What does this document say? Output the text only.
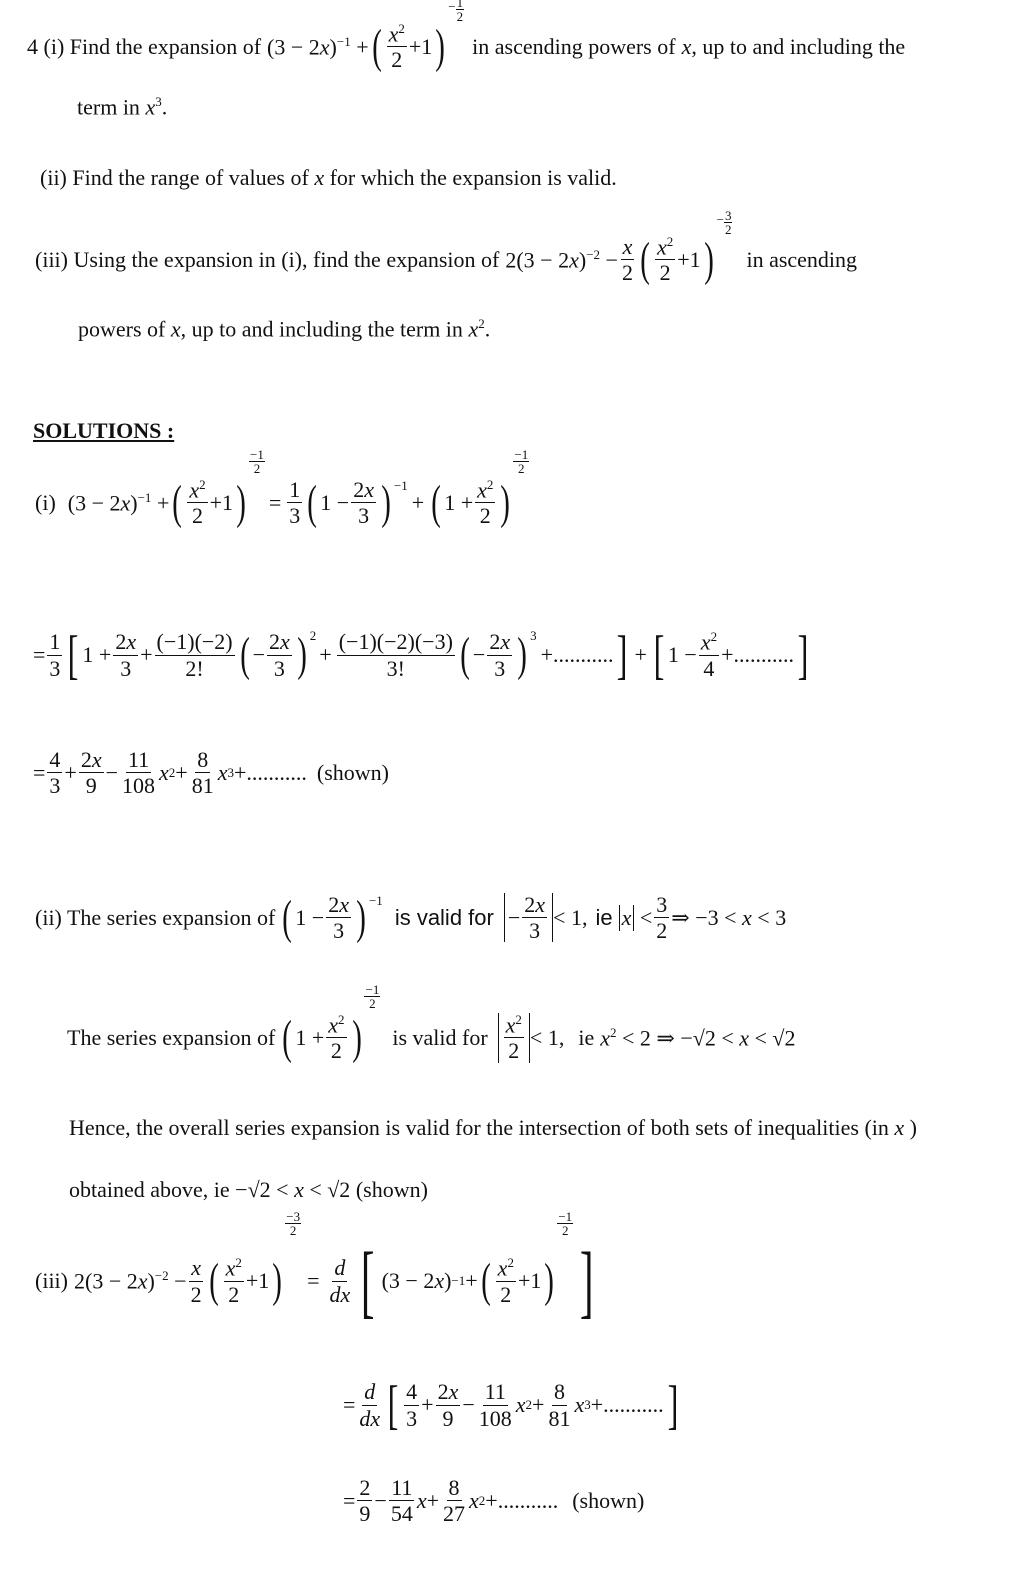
4 (i) Find the expansion of $(3 - 2x)^{-1}$ + ( $\frac{x^2}{2} +1$ )
− $\frac{1}{2}$
in ascending powers of x , up to and including the
term in $x^3$.
(ii) Find the range of values of x for which the expansion is valid.
(iii) Using the expansion in (i), find the expansion of $2(3 - 2x)^{-2} - \frac{x}{2}$ ( $\frac{x^2}{2} +1$ )
− $\frac{3}{2}$
in ascending
powers of x, up to and including the term in $x^2$.
SOLUTIONS :
(i) $(3 - 2x)^{-1}$ + ( $\frac{x^2}{2} +1$ )
$\frac{-1}{2}$
= $\frac{1}{3}$ ( $1 - \frac{2x}{3} )^{-1}$
+ ( $1 + \frac{x^2}{2}$ )
−1
2
= $\frac{1}{3}$ [ $1 + \frac{2x}{3} + \frac{(-1)(-2)}{2!}$ ( − $\frac{2x}{3} )^2$
+ $\frac{(-1)(-2)(-3)}{3!}$ ( − $\frac{2x}{3} )^3$
+ ........... ] + [ $1 - \frac{x^2}{4}$ + ........... ]
= $\frac{4}{3} + \frac{2x}{9} - \frac{11}{108}$ x $2 + \frac{8}{81}$ x 3 + ........... (shown)
(ii) The series expansion of ( $1 - \frac{2x}{3} )^{-1}$
is valid for − $\frac{2x}{3} < 1$, ie $x < \frac{3}{2}$ ⇒ −3 < x < 3
The series expansion of ( $1 + \frac{x^2}{2}$ )
−1
2
is valid for $\frac{x^2}{2} < 1$, ie $x^2 < 2$ ⇒ −√2 < x < √2
Hence, the overall series expansion is valid for the intersection of both sets of inequalities (in x )
obtained above, ie −√2 < x < √2 (shown)
(iii) $2(3 - 2x)^{-2} - \frac{x}{2}$ ( $\frac{x^2}{2} +1$ )
$\frac{-3}{2}$
= $\frac{d}{dx}$ [ (3 − 2 x ) −1 + ( $\frac{x^2}{2} +1$ )
−1
2
]
= $\frac{d}{dx}$ [ $\frac{4}{3} + \frac{2x}{9} - \frac{11}{108}$ x $2 + \frac{8}{81}$ x 3 + ........... ]
= $\frac{2}{9} - \frac{11}{54}$ $x + \frac{8}{27}$ x 2 + ........... (shown)
